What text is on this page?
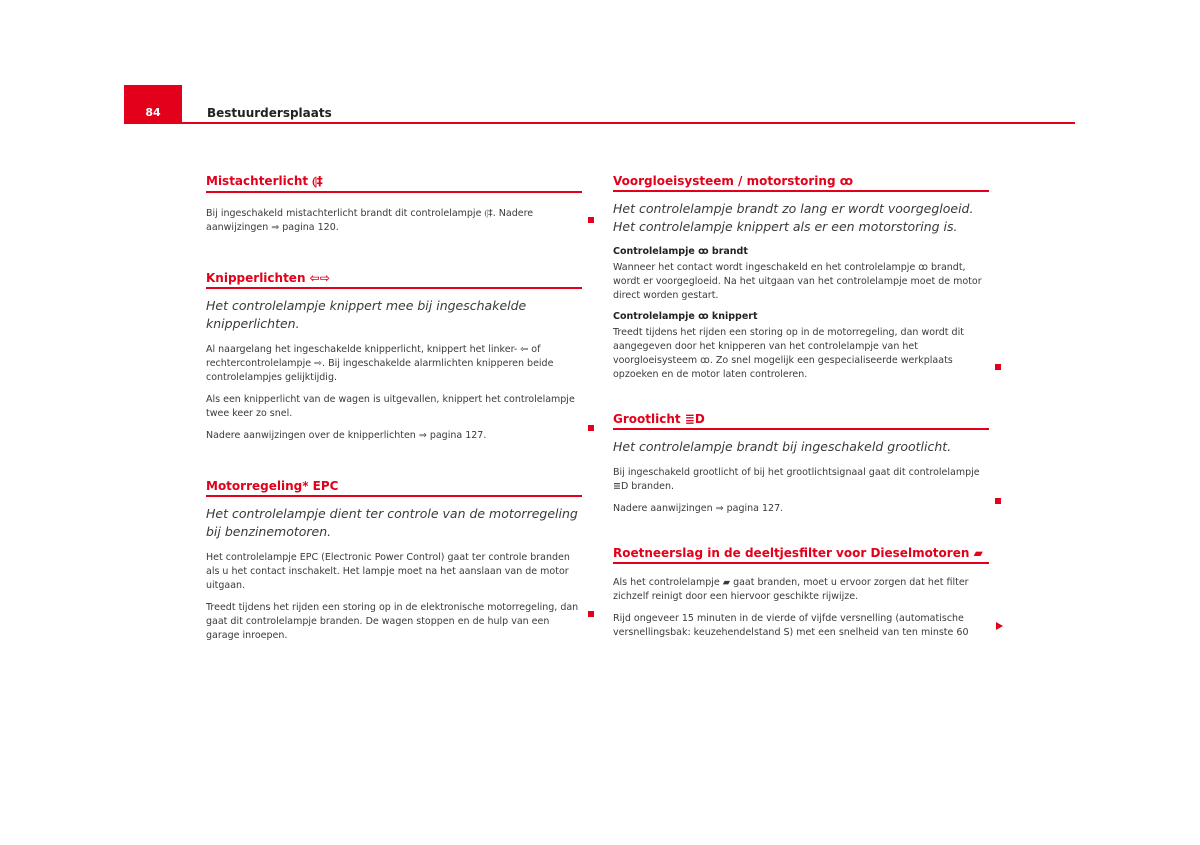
84	Bestuurdersplaats
Mistachterlicht ⦇‡

Bij ingeschakeld mistachterlicht brandt dit controlelampje ⦇‡. Nadere aanwijzingen ⇒ pagina 120.

Knipperlichten ⇦⇨

Het controlelampje knippert mee bij ingeschakelde knipperlichten.

Al naargelang het ingeschakelde knipperlicht, knippert het linker- ⇦ of rechtercontrolelampje ⇨. Bij ingeschakelde alarmlichten knipperen beide controlelampjes gelijktijdig.

Als een knipperlicht van de wagen is uitgevallen, knippert het controlelampje twee keer zo snel.

Nadere aanwijzingen over de knipperlichten ⇒ pagina 127.

Motorregeling* EPC

Het controlelampje dient ter controle van de motorregeling bij benzinemotoren.

Het controlelampje EPC (Electronic Power Control) gaat ter controle branden als u het contact inschakelt. Het lampje moet na het aanslaan van de motor uitgaan.

Treedt tijdens het rijden een storing op in de elektronische motorregeling, dan gaat dit controlelampje branden. De wagen stoppen en de hulp van een garage inroepen.

Voorgloeisysteem / motorstoring ꝏ

Het controlelampje brandt zo lang er wordt voorgegloeid. Het controlelampje knippert als er een motorstoring is.

Controlelampje ꝏ brandt

Wanneer het contact wordt ingeschakeld en het controlelampje ꝏ brandt, wordt er voorgegloeid. Na het uitgaan van het controlelampje moet de motor direct worden gestart.

Controlelampje ꝏ knippert

Treedt tijdens het rijden een storing op in de motorregeling, dan wordt dit aangegeven door het knipperen van het controlelampje van het voorgloeisysteem ꝏ. Zo snel mogelijk een gespecialiseerde werkplaats opzoeken en de motor laten controleren.

Grootlicht ≣D

Het controlelampje brandt bij ingeschakeld grootlicht.

Bij ingeschakeld grootlicht of bij het grootlichtsignaal gaat dit controlelampje ≣D branden.

Nadere aanwijzingen ⇒ pagina 127.

Roetneerslag in de deeltjesfilter voor Dieselmotoren ▰

Als het controlelampje ▰ gaat branden, moet u ervoor zorgen dat het filter zichzelf reinigt door een hiervoor geschikte rijwijze.

Rijd ongeveer 15 minuten in de vierde of vijfde versnelling (automatische versnellingsbak: keuzehendelstand S) met een snelheid van ten minste 60
